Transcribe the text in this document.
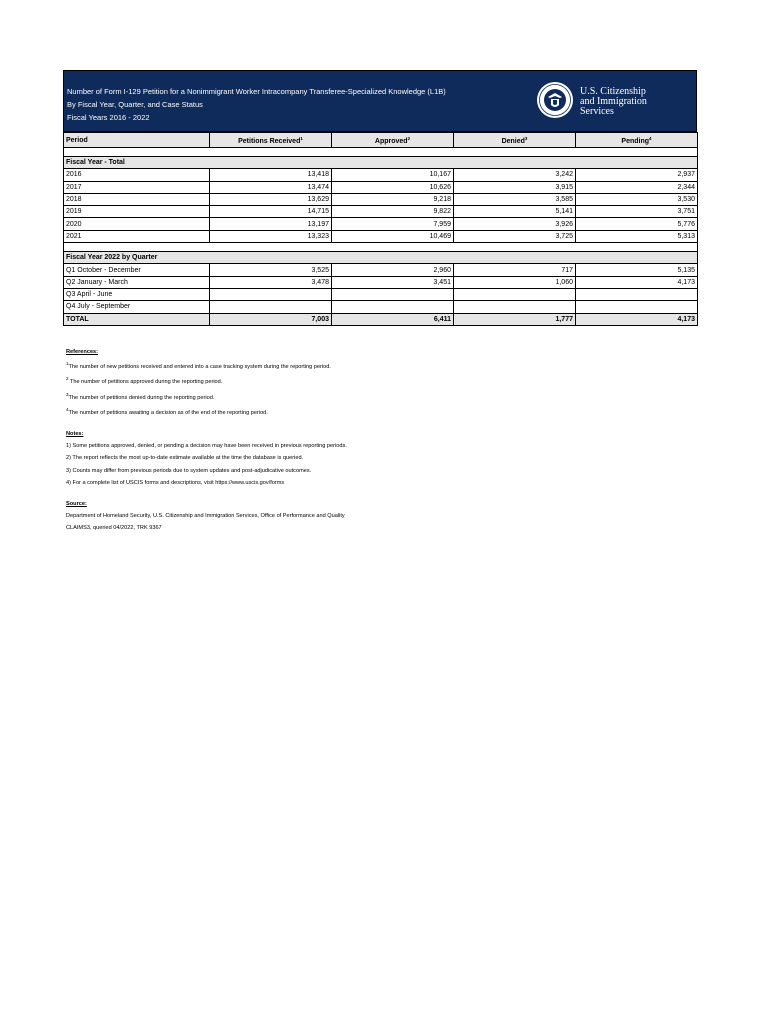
Number of Form I-129 Petition for a Nonimmigrant Worker Intracompany Transferee-Specialized Knowledge (L1B)
By Fiscal Year, Quarter, and Case Status
Fiscal Years 2016 - 2022
U.S. Citizenship
and Immigration
Services
Period	Petitions Received$^1$	Approved$^2$	Denied$^3$	Pending$^4$

Fiscal Year - Total				
2016	13,418	10,167	3,242	2,937
2017	13,474	10,626	3,915	2,344
2018	13,629	9,218	3,585	3,530
2019	14,715	9,822	5,141	3,751
2020	13,197	7,959	3,926	5,776
2021	13,323	10,469	3,725	5,313

Fiscal Year 2022 by Quarter				
Q1 October - December	3,525	2,960	717	5,135
Q2 January - March	3,478	3,451	1,060	4,173
Q3 April - June				
Q4 July - September				
TOTAL	7,003	6,411	1,777	4,173
References:
$^1$The number of new petitions received and entered into a case tracking system during the reporting period.
$^2$ The number of petitions approved during the reporting period.
$^3$The number of petitions denied during the reporting period.
$^4$The number of petitions awaiting a decision as of the end of the reporting period.
Notes:
1) Some petitions approved, denied, or pending a decision may have been received in previous reporting periods.
2) The report reflects the most up-to-date estimate available at the time the database is queried.
3) Counts may differ from previous periods due to system updates and post-adjudicative outcomes.
4) For a complete list of USCIS forms and descriptions, visit https://www.uscis.gov/forms
Source:
Department of Homeland Security, U.S. Citizenship and Immigration Services, Office of Performance and Quality
CLAIMS3, queried 04/2022, TRK 9367
